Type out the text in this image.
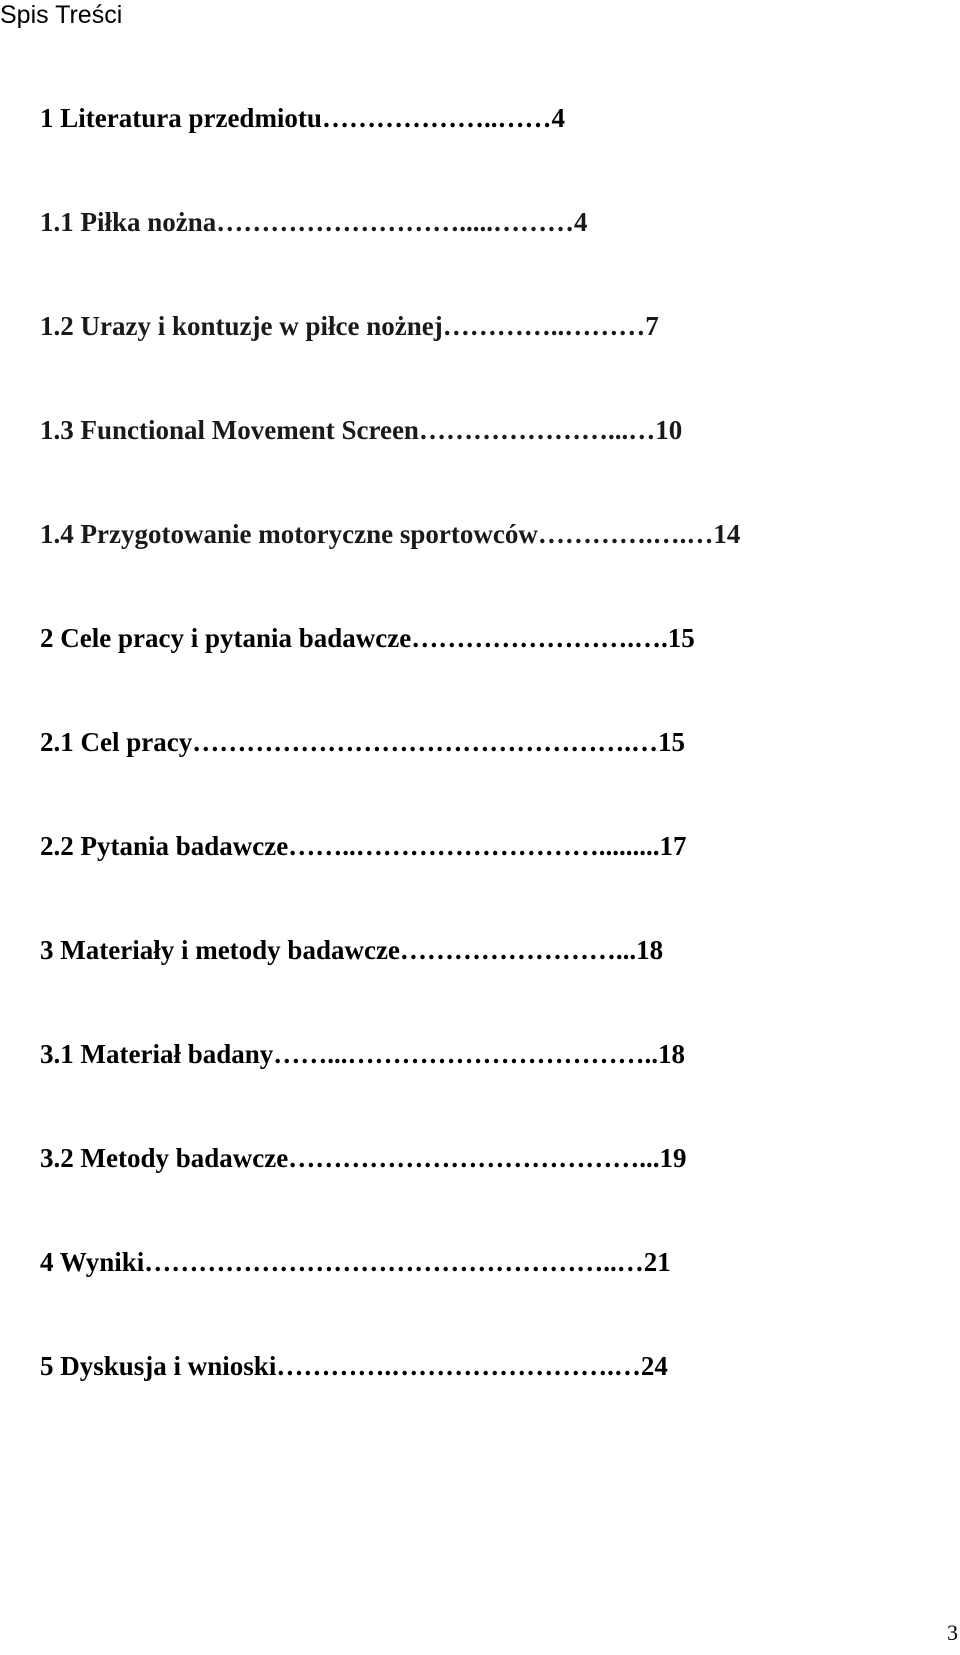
Spis Treści
1 Literatura przedmiotu………………..……4
1.1 Piłka nożna……………………….....………4
1.2 Urazy i kontuzje w piłce nożnej…………..………7
1.3 Functional Movement Screen…………………...…10
1.4 Przygotowanie motoryczne sportowców………….….…14
2 Cele pracy i pytania badawcze…………………….….15
2.1 Cel pracy………………………………………….…15
2.2 Pytania badawcze……..……………………….........17
3 Materiały i metody badawcze……………………...18
3.1 Materiał badany……...……………………………..18
3.2 Metody badawcze…………………………………...19
4 Wyniki……………………………………………..…21
5 Dyskusja i wnioski………….…………………….…24
3
